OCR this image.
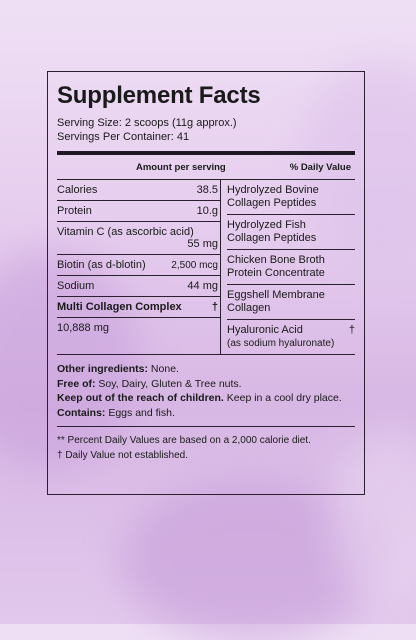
Supplement Facts
Serving Size: 2 scoops (11g approx.)
Servings Per Container: 41
Amount per serving	% Daily Value
Calories	38.5
Protein	10.g
Vitamin C (as ascorbic acid)
55 mg
Biotin (as d-blotin)	2,500 mcg
Sodium	44 mg
Multi Collagen Complex	†
10,888 mg
Hydrolyzed Bovine
Collagen Peptides
Hydrolyzed Fish
Collagen Peptides
Chicken Bone Broth
Protein Concentrate
Eggshell Membrane
Collagen
Hyaluronic Acid
(as sodium hyaluronate)
†
Other ingredients: None.
Free of: Soy, Dairy, Gluten & Tree nuts.
Keep out of the reach of children. Keep in a cool dry place.
Contains: Eggs and fish.
** Percent Daily Values are based on a 2,000 calorie diet.
† Daily Value not established.
